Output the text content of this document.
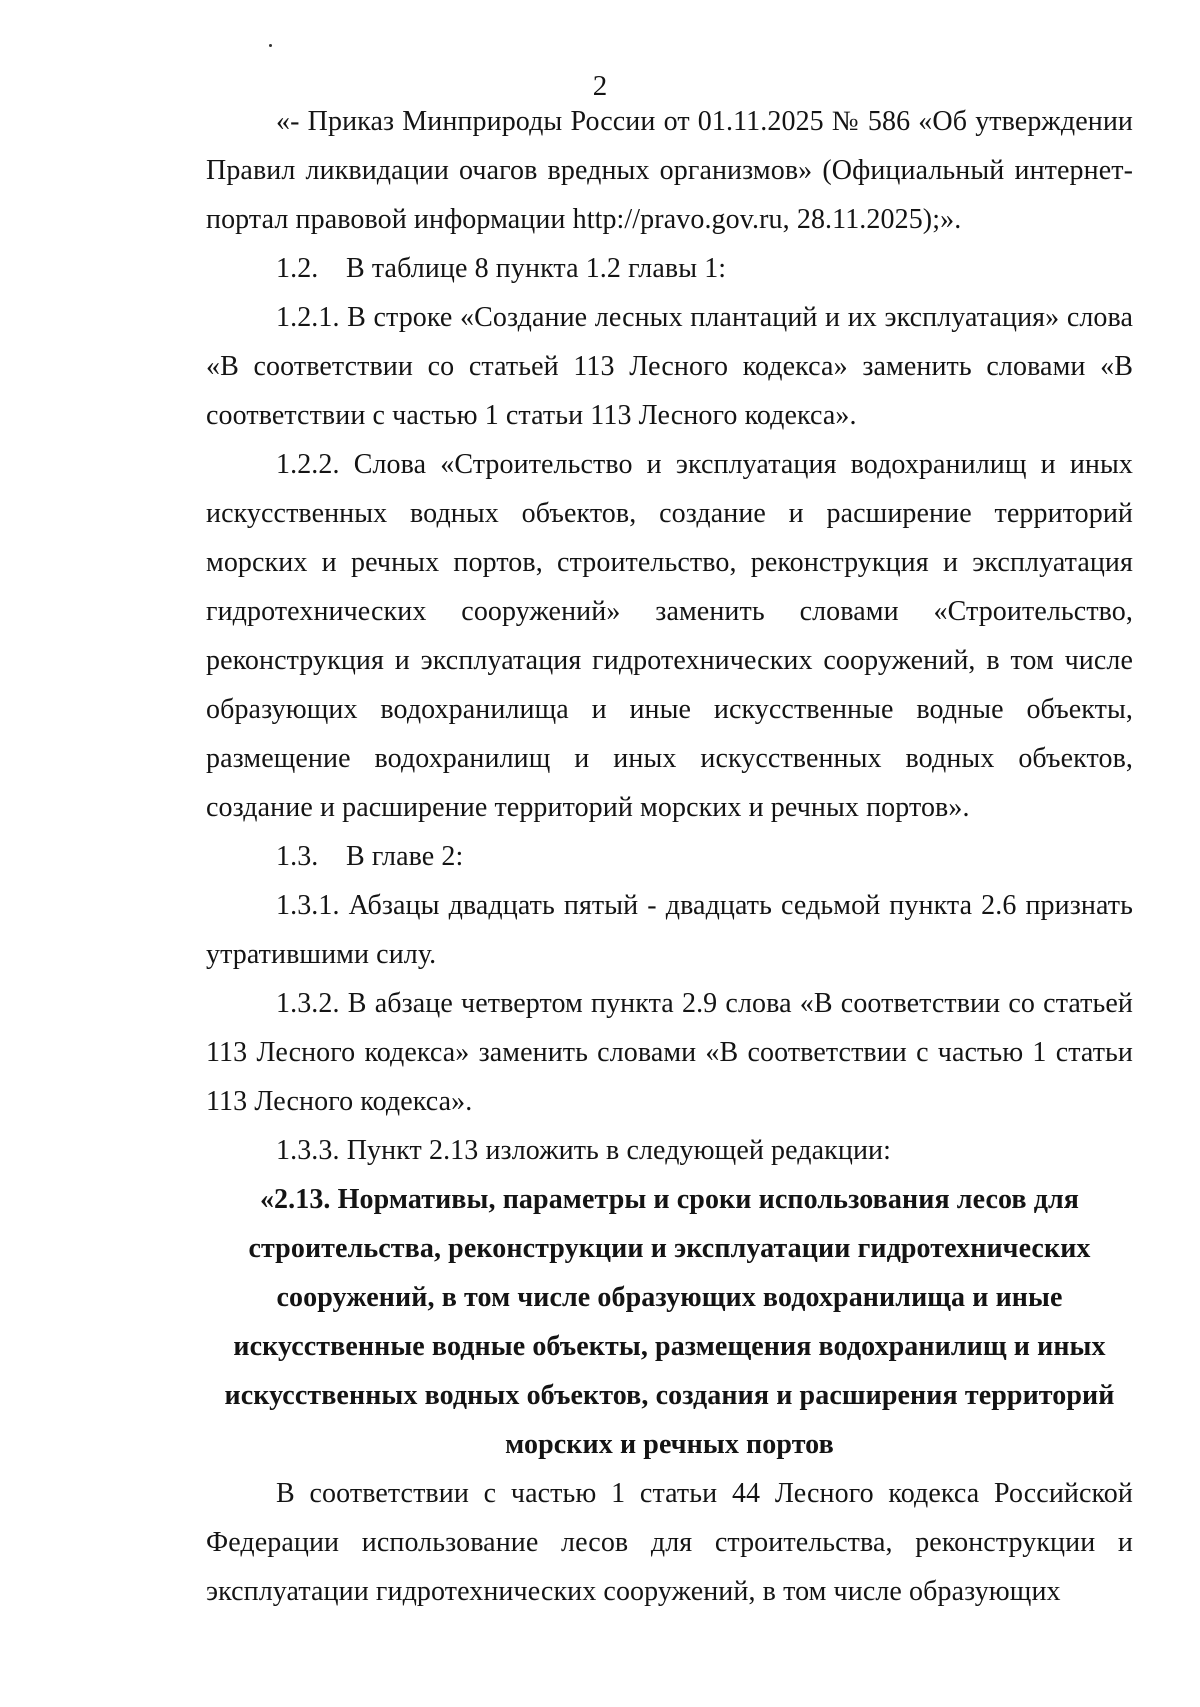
2

«- Приказ Минприроды России от 01.11.2025 № 586 «Об утверждении Правил ликвидации очагов вредных организмов» (Официальный интернет-портал правовой информации http://pravo.gov.ru, 28.11.2025);».

1.2. В таблице 8 пункта 1.2 главы 1:

1.2.1. В строке «Создание лесных плантаций и их эксплуатация» слова «В соответствии со статьей 113 Лесного кодекса» заменить словами «В соответствии с частью 1 статьи 113 Лесного кодекса».

1.2.2. Слова «Строительство и эксплуатация водохранилищ и иных искусственных водных объектов, создание и расширение территорий морских и речных портов, строительство, реконструкция и эксплуатация гидротехнических сооружений» заменить словами «Строительство, реконструкция и эксплуатация гидротехнических сооружений, в том числе образующих водохранилища и иные искусственные водные объекты, размещение водохранилищ и иных искусственных водных объектов, создание и расширение территорий морских и речных портов».

1.3. В главе 2:

1.3.1. Абзацы двадцать пятый - двадцать седьмой пункта 2.6 признать утратившими силу.

1.3.2. В абзаце четвертом пункта 2.9 слова «В соответствии со статьей 113 Лесного кодекса» заменить словами «В соответствии с частью 1 статьи 113 Лесного кодекса».

1.3.3. Пункт 2.13 изложить в следующей редакции:

«2.13. Нормативы, параметры и сроки использования лесов для
строительства, реконструкции и эксплуатации гидротехнических
сооружений, в том числе образующих водохранилища и иные
искусственные водные объекты, размещения водохранилищ и иных
искусственных водных объектов, создания и расширения территорий
морских и речных портов

В соответствии с частью 1 статьи 44 Лесного кодекса Российской Федерации использование лесов для строительства, реконструкции и эксплуатации гидротехнических сооружений, в том числе образующих
